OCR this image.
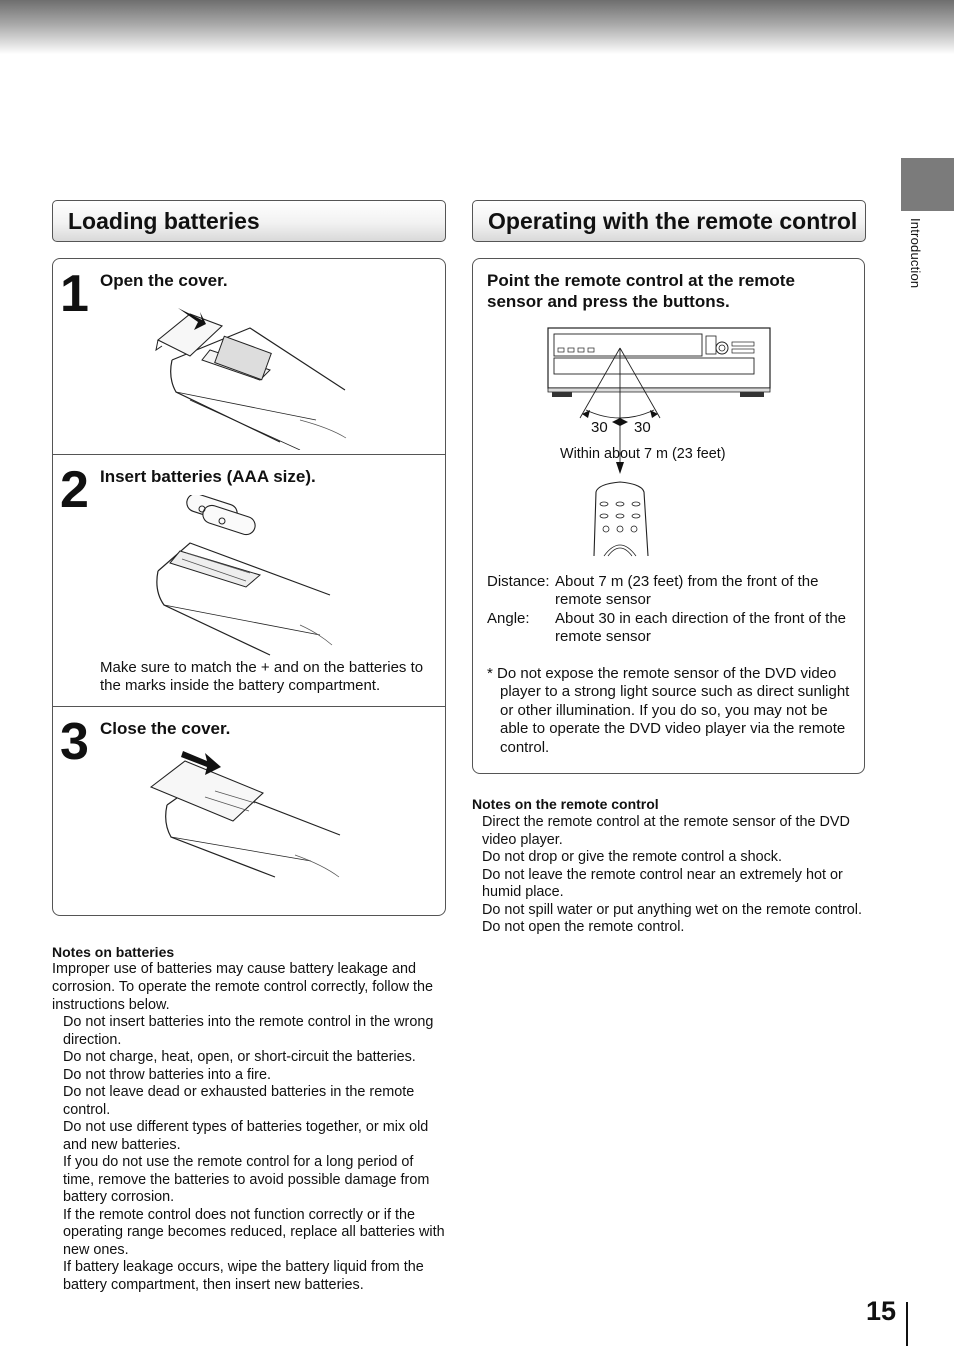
Introduction
Loading batteries
1 Open the cover.
2 Insert batteries (AAA size).
Make sure to match the + and on the batteries to the marks inside the battery compartment.
3 Close the cover.
Notes on batteries
Improper use of batteries may cause battery leakage and corrosion. To operate the remote control correctly, follow the instructions below.
Do not insert batteries into the remote control in the wrong direction.
Do not charge, heat, open, or short-circuit the batteries.
Do not throw batteries into a fire.
Do not leave dead or exhausted batteries in the remote control.
Do not use different types of batteries together, or mix old and new batteries.
If you do not use the remote control for a long period of time, remove the batteries to avoid possible damage from battery corrosion.
If the remote control does not function correctly or if the operating range becomes reduced, replace all batteries with new ones.
If battery leakage occurs, wipe the battery liquid from the battery compartment, then insert new batteries.
Operating with the remote control
Point the remote control at the remote sensor and press the buttons.
30 30
Within about 7 m (23 feet)
Distance: About 7 m (23 feet) from the front of the remote sensor
Angle: About 30 in each direction of the front of the remote sensor
* Do not expose the remote sensor of the DVD video player to a strong light source such as direct sunlight or other illumination. If you do so, you may not be able to operate the DVD video player via the remote control.
Notes on the remote control
Direct the remote control at the remote sensor of the DVD video player.
Do not drop or give the remote control a shock.
Do not leave the remote control near an extremely hot or humid place.
Do not spill water or put anything wet on the remote control.
Do not open the remote control.
15
